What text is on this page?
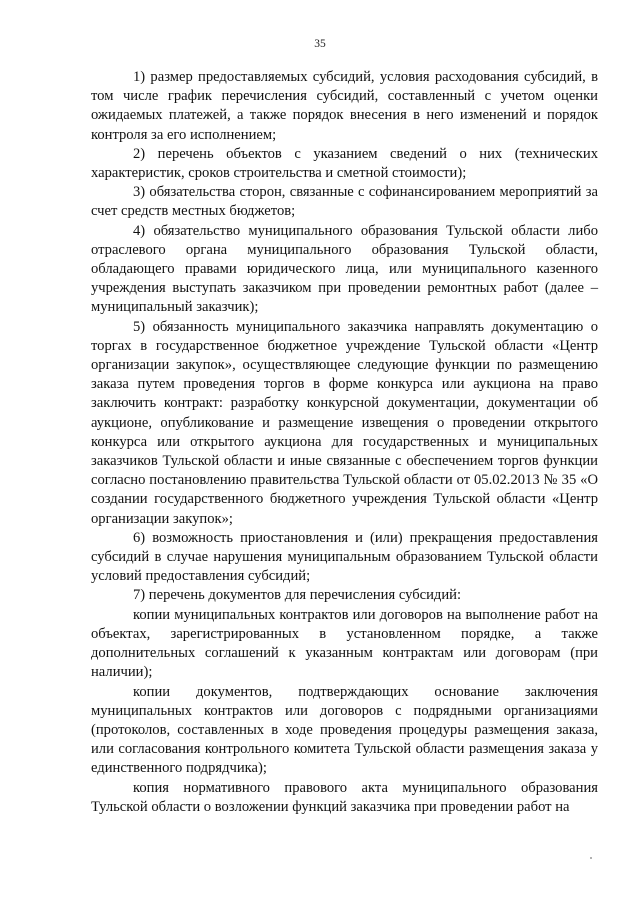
35

1) размер предоставляемых субсидий, условия расходования субсидий, в том числе график перечисления субсидий, составленный с учетом оценки ожидаемых платежей, а также порядок внесения в него изменений и порядок контроля за его исполнением;

2) перечень объектов с указанием сведений о них (технических характеристик, сроков строительства и сметной стоимости);

3) обязательства сторон, связанные с софинансированием мероприятий за счет средств местных бюджетов;

4) обязательство муниципального образования Тульской области либо отраслевого органа муниципального образования Тульской области, обладающего правами юридического лица, или муниципального казенного учреждения выступать заказчиком при проведении ремонтных работ (далее – муниципальный заказчик);

5) обязанность муниципального заказчика направлять документацию о торгах в государственное бюджетное учреждение Тульской области «Центр организации закупок», осуществляющее следующие функции по размещению заказа путем проведения торгов в форме конкурса или аукциона на право заключить контракт: разработку конкурсной документации, документации об аукционе, опубликование и размещение извещения о проведении открытого конкурса или открытого аукциона для государственных и муниципальных заказчиков Тульской области и иные связанные с обеспечением торгов функции согласно постановлению правительства Тульской области от 05.02.2013 № 35 «О создании государственного бюджетного учреждения Тульской области «Центр организации закупок»;

6) возможность приостановления и (или) прекращения предоставления субсидий в случае нарушения муниципальным образованием Тульской области условий предоставления субсидий;

7) перечень документов для перечисления субсидий:

копии муниципальных контрактов или договоров на выполнение работ на объектах, зарегистрированных в установленном порядке, а также дополнительных соглашений к указанным контрактам или договорам (при наличии);

копии документов, подтверждающих основание заключения муниципальных контрактов или договоров с подрядными организациями (протоколов, составленных в ходе проведения процедуры размещения заказа, или согласования контрольного комитета Тульской области размещения заказа у единственного подрядчика);

копия нормативного правового акта муниципального образования Тульской области о возложении функций заказчика при проведении работ на
